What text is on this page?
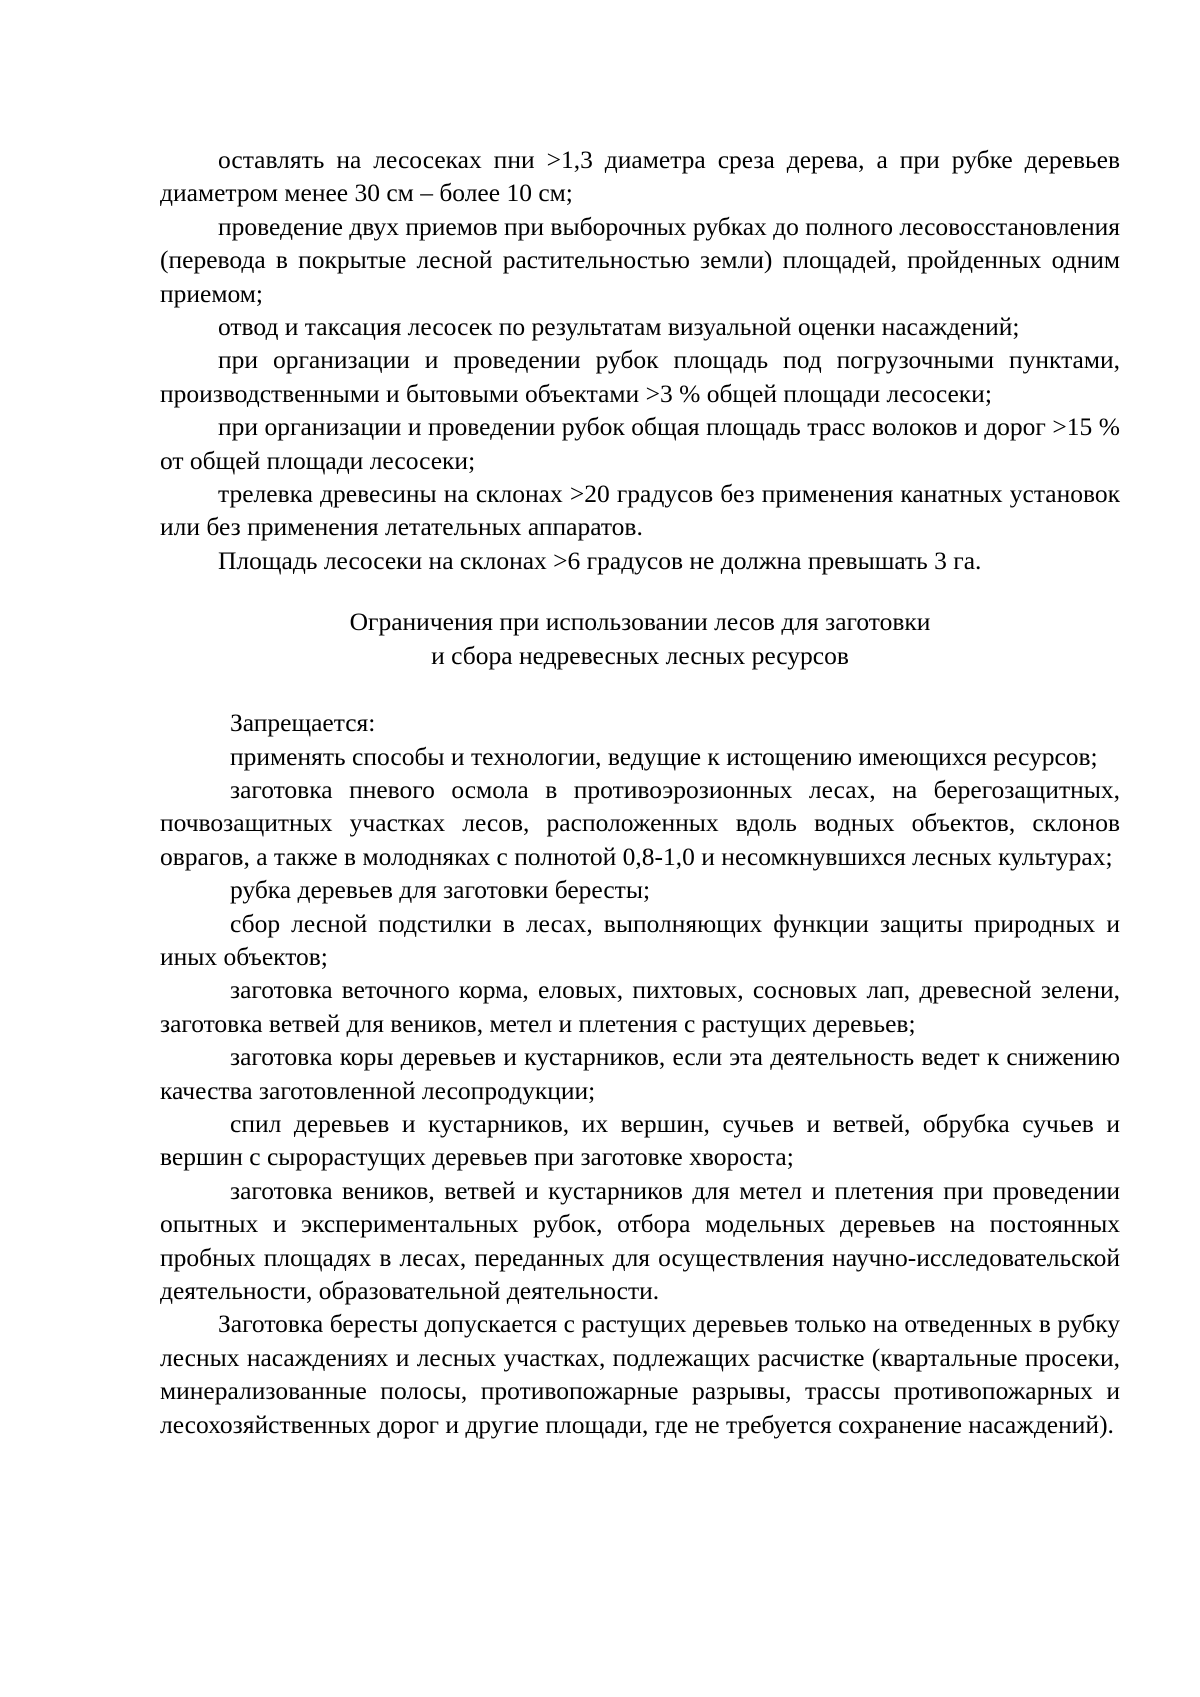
оставлять на лесосеках пни >1,3 диаметра среза дерева, а при рубке деревьев диаметром менее 30 см – более 10 см;

проведение двух приемов при выборочных рубках до полного лесовосстановления (перевода в покрытые лесной растительностью земли) площадей, пройденных одним приемом;

отвод и таксация лесосек по результатам визуальной оценки насаждений;

при организации и проведении рубок площадь под погрузочными пунктами, производственными и бытовыми объектами >3 % общей площади лесосеки;

при организации и проведении рубок общая площадь трасс волоков и дорог >15 % от общей площади лесосеки;

трелевка древесины на склонах >20 градусов без применения канатных установок или без применения летательных аппаратов.

Площадь лесосеки на склонах >6 градусов не должна превышать 3 га.

Ограничения при использовании лесов для заготовки

и сбора недревесных лесных ресурсов

Запрещается:

применять способы и технологии, ведущие к истощению имеющихся ресурсов;

заготовка пневого осмола в противоэрозионных лесах, на берегозащитных, почвозащитных участках лесов, расположенных вдоль водных объектов, склонов оврагов, а также в молодняках с полнотой 0,8-1,0 и несомкнувшихся лесных культурах;

рубка деревьев для заготовки бересты;

сбор лесной подстилки в лесах, выполняющих функции защиты природных и иных объектов;

заготовка веточного корма, еловых, пихтовых, сосновых лап, древесной зелени, заготовка ветвей для веников, метел и плетения с растущих деревьев;

заготовка коры деревьев и кустарников, если эта деятельность ведет к снижению качества заготовленной лесопродукции;

спил деревьев и кустарников, их вершин, сучьев и ветвей, обрубка сучьев и вершин с сырорастущих деревьев при заготовке хвороста;

заготовка веников, ветвей и кустарников для метел и плетения при проведении опытных и экспериментальных рубок, отбора модельных деревьев на постоянных пробных площадях в лесах, переданных для осуществления научно-исследовательской деятельности, образовательной деятельности.

Заготовка бересты допускается с растущих деревьев только на отведенных в рубку лесных насаждениях и лесных участках, подлежащих расчистке (квартальные просеки, минерализованные полосы, противопожарные разрывы, трассы противопожарных и лесохозяйственных дорог и другие площади, где не требуется сохранение насаждений).
